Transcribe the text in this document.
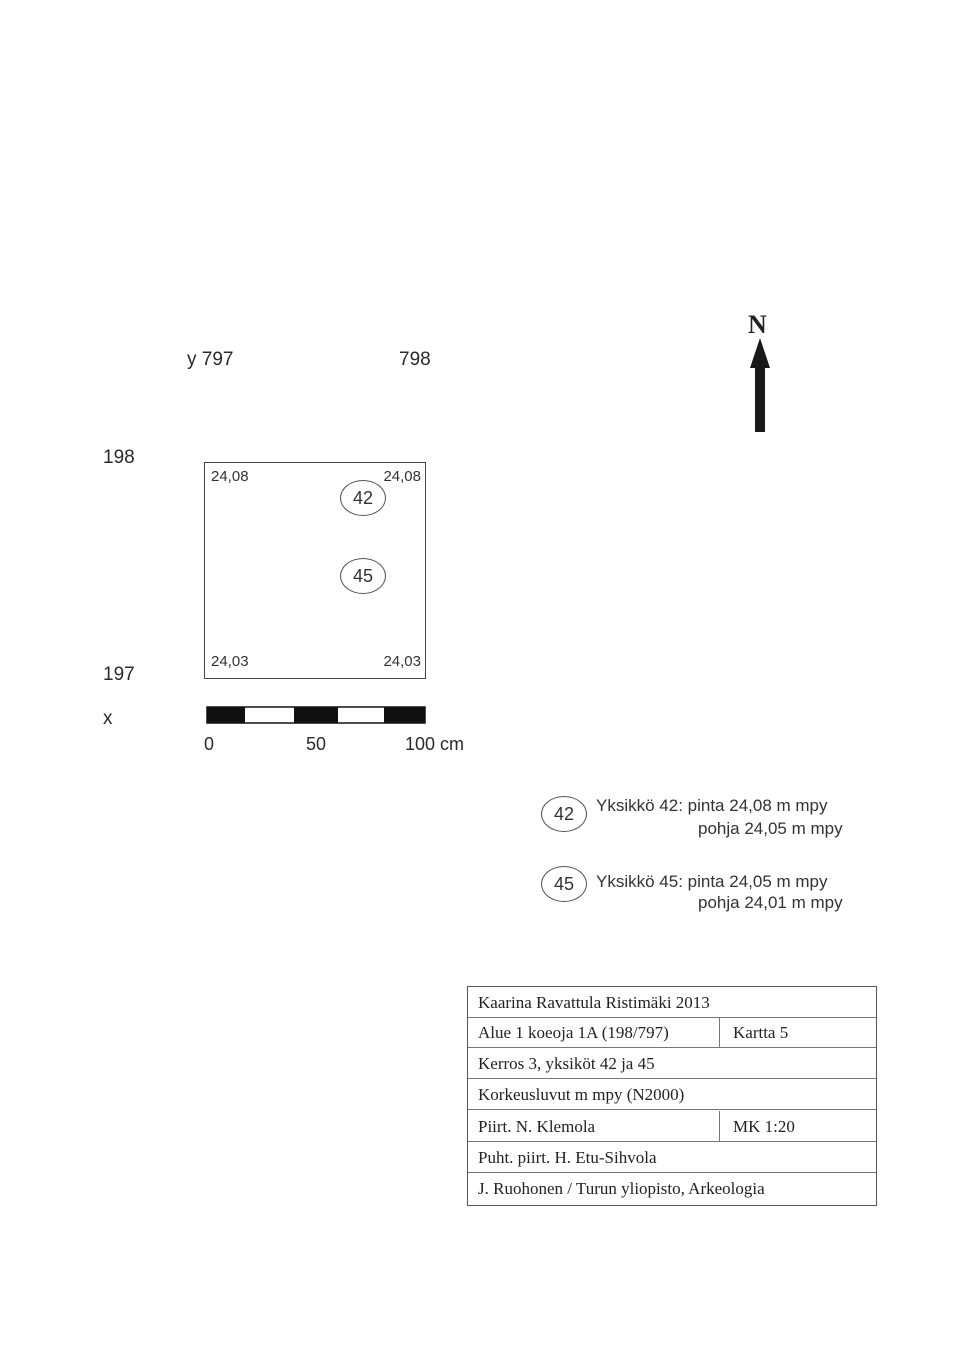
y 797	798
198
197
x
N
24,08	24,08
24,03	24,03
42
45
0	50	100 cm
42	Yksikkö 42: pinta 24,08 m mpy
pohja 24,05 m mpy
45	Yksikkö 45: pinta 24,05 m mpy
pohja 24,01 m mpy
Kaarina Ravattula Ristimäki 2013
Alue 1 koeoja 1A (198/797)	Kartta 5
Kerros 3, yksiköt 42 ja 45
Korkeusluvut m mpy (N2000)
Piirt. N. Klemola	MK 1:20
Puht. piirt. H. Etu-Sihvola
J. Ruohonen / Turun yliopisto, Arkeologia
